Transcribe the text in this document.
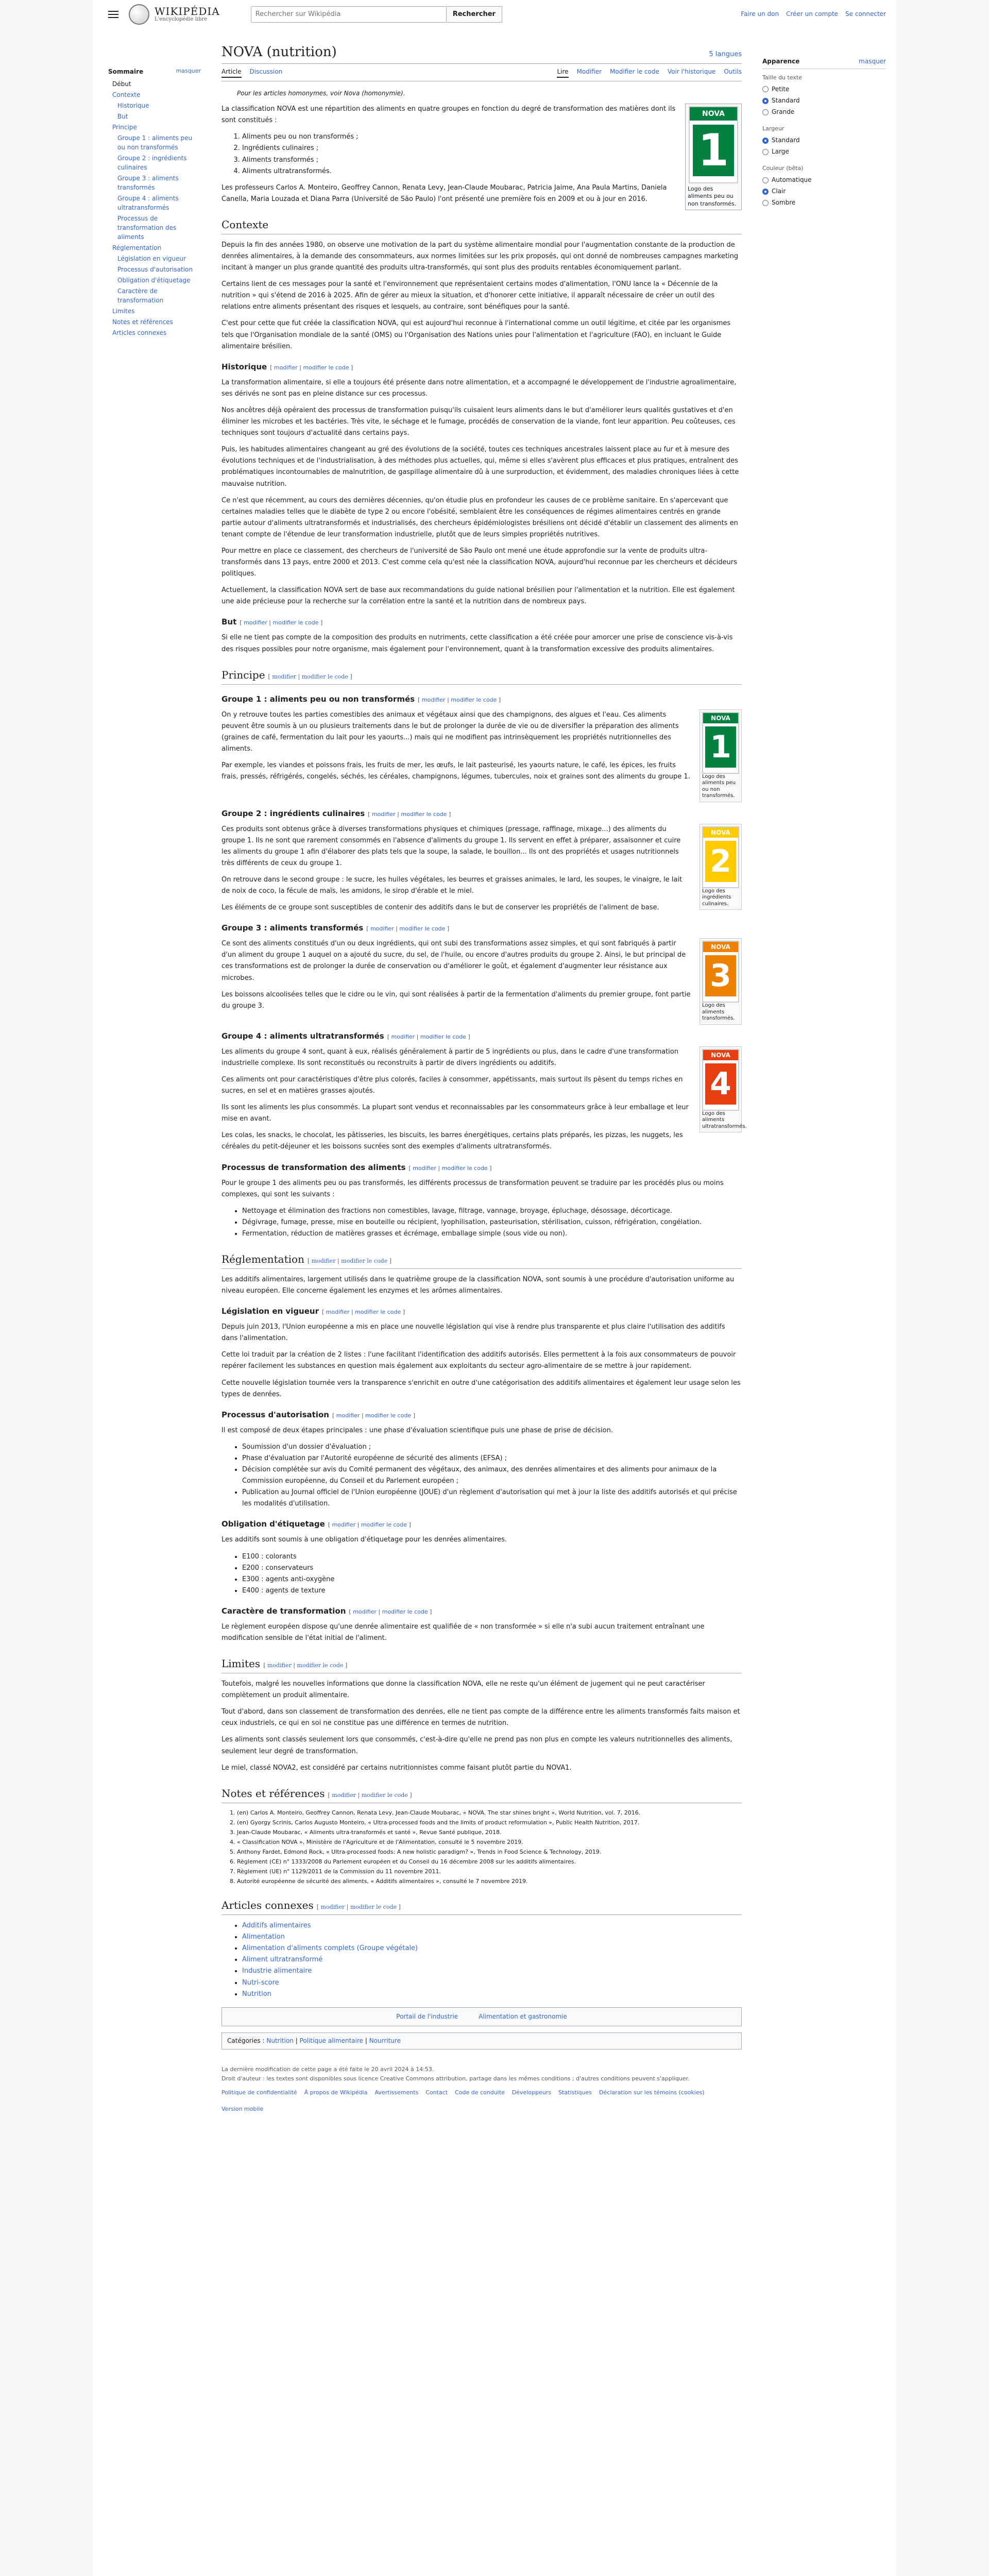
WIKIPÉDIA
L'encyclopédie libre
Rechercher sur Wikipédia	Rechercher	Faire un don Créer un compte Se connecter
Sommaire	masquer
Début
Contexte
Historique
But
Principe
Groupe 1 : aliments peu ou non transformés
Groupe 2 : ingrédients culinaires
Groupe 3 : aliments transformés
Groupe 4 : aliments ultratransformés
Processus de transformation des aliments
Réglementation
Législation en vigueur
Processus d'autorisation
Obligation d'étiquetage
Caractère de transformation
Limites
Notes et références
Articles connexes
NOVA (nutrition)	5 langues
Article Discussion	Lire Modifier Modifier le code Voir l'historique Outils
Pour les articles homonymes, voir Nova (homonymie).
NOVA
1
Logo des aliments peu ou non transformés.

La classification NOVA est une répartition des aliments en quatre groupes en fonction du degré de transformation des matières dont ils sont constitués :

1. Aliments peu ou non transformés ;
2. Ingrédients culinaires ;
3. Aliments transformés ;
4. Aliments ultratransformés.

Les professeurs Carlos A. Monteiro, Geoffrey Cannon, Renata Levy, Jean-Claude Moubarac, Patricia Jaime, Ana Paula Martins, Daniela Canella, Maria Louzada et Diana Parra (Université de São Paulo) l'ont présenté une première fois en 2009 et ou à jour en 2016.

Contexte

Depuis la fin des années 1980, on observe une motivation de la part du système alimentaire mondial pour l'augmentation constante de la production de denrées alimentaires, à la demande des consommateurs, aux normes limitées sur les prix proposés, qui ont donné de nombreuses campagnes marketing incitant à manger un plus grande quantité des produits ultra-transformés, qui sont plus des produits rentables économiquement parlant.

Certains lient de ces messages pour la santé et l'environnement que représentaient certains modes d'alimentation, l'ONU lance la « Décennie de la nutrition » qui s'étend de 2016 à 2025. Afin de gérer au mieux la situation, et d'honorer cette initiative, il apparaît nécessaire de créer un outil des relations entre aliments présentant des risques et lesquels, au contraire, sont bénéfiques pour la santé.

C'est pour cette que fut créée la classification NOVA, qui est aujourd'hui reconnue à l'international comme un outil légitime, et citée par les organismes tels que l'Organisation mondiale de la santé (OMS) ou l'Organisation des Nations unies pour l'alimentation et l'agriculture (FAO), en incluant le Guide alimentaire brésilien.

Historique [ modifier | modifier le code ]

La transformation alimentaire, si elle a toujours été présente dans notre alimentation, et a accompagné le développement de l'industrie agroalimentaire, ses dérivés ne sont pas en pleine distance sur ces processus.

Nos ancêtres déjà opéraient des processus de transformation puisqu'ils cuisaient leurs aliments dans le but d'améliorer leurs qualités gustatives et d'en éliminer les microbes et les bactéries. Très vite, le séchage et le fumage, procédés de conservation de la viande, font leur apparition. Peu coûteuses, ces techniques sont toujours d'actualité dans certains pays.

Puis, les habitudes alimentaires changeant au gré des évolutions de la société, toutes ces techniques ancestrales laissent place au fur et à mesure des évolutions techniques et de l'industrialisation, à des méthodes plus actuelles, qui, même si elles s'avèrent plus efficaces et plus pratiques, entraînent des problématiques incontournables de malnutrition, de gaspillage alimentaire dû à une surproduction, et évidemment, des maladies chroniques liées à cette mauvaise nutrition.

Ce n'est que récemment, au cours des dernières décennies, qu'on étudie plus en profondeur les causes de ce problème sanitaire. En s'apercevant que certaines maladies telles que le diabète de type 2 ou encore l'obésité, semblaient être les conséquences de régimes alimentaires centrés en grande partie autour d'aliments ultratransformés et industrialisés, des chercheurs épidémiologistes brésiliens ont décidé d'établir un classement des aliments en tenant compte de l'étendue de leur transformation industrielle, plutôt que de leurs simples propriétés nutritives.

Pour mettre en place ce classement, des chercheurs de l'université de São Paulo ont mené une étude approfondie sur la vente de produits ultra-transformés dans 13 pays, entre 2000 et 2013. C'est comme cela qu'est née la classification NOVA, aujourd'hui reconnue par les chercheurs et décideurs politiques.

Actuellement, la classification NOVA sert de base aux recommandations du guide national brésilien pour l'alimentation et la nutrition. Elle est également une aide précieuse pour la recherche sur la corrélation entre la santé et la nutrition dans de nombreux pays.

But [ modifier | modifier le code ]

Si elle ne tient pas compte de la composition des produits en nutriments, cette classification a été créée pour amorcer une prise de conscience vis-à-vis des risques possibles pour notre organisme, mais également pour l'environnement, quant à la transformation excessive des produits alimentaires.

Principe [ modifier | modifier le code ]
Groupe 1 : aliments peu ou non transformés [ modifier | modifier le code ]
NOVA
1
Logo des aliments peu ou non transformés.

On y retrouve toutes les parties comestibles des animaux et végétaux ainsi que des champignons, des algues et l'eau. Ces aliments peuvent être soumis à un ou plusieurs traitements dans le but de prolonger la durée de vie ou de diversifier la préparation des aliments (graines de café, fermentation du lait pour les yaourts...) mais qui ne modifient pas intrinsèquement les propriétés nutritionnelles des aliments.

Par exemple, les viandes et poissons frais, les fruits de mer, les œufs, le lait pasteurisé, les yaourts nature, le café, les épices, les fruits frais, pressés, réfrigérés, congelés, séchés, les céréales, champignons, légumes, tubercules, noix et graines sont des aliments du groupe 1.

Groupe 2 : ingrédients culinaires [ modifier | modifier le code ]
NOVA
2
Logo des ingrédients culinaires.

Ces produits sont obtenus grâce à diverses transformations physiques et chimiques (pressage, raffinage, mixage...) des aliments du groupe 1. Ils ne sont que rarement consommés en l'absence d'aliments du groupe 1. Ils servent en effet à préparer, assaisonner et cuire les aliments du groupe 1 afin d'élaborer des plats tels que la soupe, la salade, le bouillon... Ils ont des propriétés et usages nutritionnels très différents de ceux du groupe 1.

On retrouve dans le second groupe : le sucre, les huiles végétales, les beurres et graisses animales, le lard, les soupes, le vinaigre, le lait de noix de coco, la fécule de maïs, les amidons, le sirop d'érable et le miel.

Les éléments de ce groupe sont susceptibles de contenir des additifs dans le but de conserver les propriétés de l'aliment de base.

Groupe 3 : aliments transformés [ modifier | modifier le code ]
NOVA
3
Logo des aliments transformés.

Ce sont des aliments constitués d'un ou deux ingrédients, qui ont subi des transformations assez simples, et qui sont fabriqués à partir d'un aliment du groupe 1 auquel on a ajouté du sucre, du sel, de l'huile, ou encore d'autres produits du groupe 2. Ainsi, le but principal de ces transformations est de prolonger la durée de conservation ou d'améliorer le goût, et également d'augmenter leur résistance aux microbes.

Les boissons alcoolisées telles que le cidre ou le vin, qui sont réalisées à partir de la fermentation d'aliments du premier groupe, font partie du groupe 3.

Groupe 4 : aliments ultratransformés [ modifier | modifier le code ]
NOVA
4
Logo des aliments ultratransformés.

Les aliments du groupe 4 sont, quant à eux, réalisés généralement à partir de 5 ingrédients ou plus, dans le cadre d'une transformation industrielle complexe. Ils sont reconstitués ou reconstruits à partir de divers ingrédients ou additifs.

Ces aliments ont pour caractéristiques d'être plus colorés, faciles à consommer, appétissants, mais surtout ils pèsent du temps riches en sucres, en sel et en matières grasses ajoutés.

Ils sont les aliments les plus consommés. La plupart sont vendus et reconnaissables par les consommateurs grâce à leur emballage et leur mise en avant.

Les colas, les snacks, le chocolat, les pâtisseries, les biscuits, les barres énergétiques, certains plats préparés, les pizzas, les nuggets, les céréales du petit-déjeuner et les boissons sucrées sont des exemples d'aliments ultratransformés.

Processus de transformation des aliments [ modifier | modifier le code ]

Pour le groupe 1 des aliments peu ou pas transformés, les différents processus de transformation peuvent se traduire par les procédés plus ou moins complexes, qui sont les suivants :

• Nettoyage et élimination des fractions non comestibles, lavage, filtrage, vannage, broyage, épluchage, désossage, décorticage.
• Dégivrage, fumage, presse, mise en bouteille ou récipient, lyophilisation, pasteurisation, stérilisation, cuisson, réfrigération, congélation.
• Fermentation, réduction de matières grasses et écrémage, emballage simple (sous vide ou non).
Réglementation [ modifier | modifier le code ]

Les additifs alimentaires, largement utilisés dans le quatrième groupe de la classification NOVA, sont soumis à une procédure d'autorisation uniforme au niveau européen. Elle concerne également les enzymes et les arômes alimentaires.

Législation en vigueur [ modifier | modifier le code ]

Depuis juin 2013, l'Union européenne a mis en place une nouvelle législation qui vise à rendre plus transparente et plus claire l'utilisation des additifs dans l'alimentation.

Cette loi traduit par la création de 2 listes : l'une facilitant l'identification des additifs autorisés. Elles permettent à la fois aux consommateurs de pouvoir repérer facilement les substances en question mais également aux exploitants du secteur agro-alimentaire de se mettre à jour rapidement.

Cette nouvelle législation tournée vers la transparence s'enrichit en outre d'une catégorisation des additifs alimentaires et également leur usage selon les types de denrées.

Processus d'autorisation [ modifier | modifier le code ]

Il est composé de deux étapes principales : une phase d'évaluation scientifique puis une phase de prise de décision.

• Soumission d'un dossier d'évaluation ;
• Phase d'évaluation par l'Autorité européenne de sécurité des aliments (EFSA) ;
• Décision complétée sur avis du Comité permanent des végétaux, des animaux, des denrées alimentaires et des aliments pour animaux de la Commission européenne, du Conseil et du Parlement européen ;
• Publication au Journal officiel de l'Union européenne (JOUE) d'un règlement d'autorisation qui met à jour la liste des additifs autorisés et qui précise les modalités d'utilisation.
Obligation d'étiquetage [ modifier | modifier le code ]

Les additifs sont soumis à une obligation d'étiquetage pour les denrées alimentaires.

• E100 : colorants
• E200 : conservateurs
• E300 : agents anti-oxygène
• E400 : agents de texture
Caractère de transformation [ modifier | modifier le code ]

Le règlement européen dispose qu'une denrée alimentaire est qualifiée de « non transformée » si elle n'a subi aucun traitement entraînant une modification sensible de l'état initial de l'aliment.

Limites [ modifier | modifier le code ]

Toutefois, malgré les nouvelles informations que donne la classification NOVA, elle ne reste qu'un élément de jugement qui ne peut caractériser complètement un produit alimentaire.

Tout d'abord, dans son classement de transformation des denrées, elle ne tient pas compte de la différence entre les aliments transformés faits maison et ceux industriels, ce qui en soi ne constitue pas une différence en termes de nutrition.

Les aliments sont classés seulement lors que consommés, c'est-à-dire qu'elle ne prend pas non plus en compte les valeurs nutritionnelles des aliments, seulement leur degré de transformation.

Le miel, classé NOVA2, est considéré par certains nutritionnistes comme faisant plutôt partie du NOVA1.

Notes et références [ modifier | modifier le code ]
1. (en) Carlos A. Monteiro, Geoffrey Cannon, Renata Levy, Jean-Claude Moubarac, « NOVA. The star shines bright », World Nutrition, vol. 7, 2016.
2. (en) Gyorgy Scrinis, Carlos Augusto Monteiro, « Ultra-processed foods and the limits of product reformulation », Public Health Nutrition, 2017.
3. Jean-Claude Moubarac, « Aliments ultra-transformés et santé », Revue Santé publique, 2018.
4. « Classification NOVA », Ministère de l'Agriculture et de l'Alimentation, consulté le 5 novembre 2019.
5. Anthony Fardet, Edmond Rock, « Ultra-processed foods: A new holistic paradigm? », Trends in Food Science & Technology, 2019.
6. Règlement (CE) n° 1333/2008 du Parlement européen et du Conseil du 16 décembre 2008 sur les additifs alimentaires.
7. Règlement (UE) n° 1129/2011 de la Commission du 11 novembre 2011.
8. Autorité européenne de sécurité des aliments, « Additifs alimentaires », consulté le 7 novembre 2019.
Articles connexes [ modifier | modifier le code ]
• Additifs alimentaires
• Alimentation
• Alimentation d'aliments complets (Groupe végétale)
• Aliment ultratransformé
• Industrie alimentaire
• Nutri-score
• Nutrition
Portail de l'industrie	Alimentation et gastronomie
Catégories : Nutrition | Politique alimentaire | Nourriture
La dernière modification de cette page a été faite le 20 avril 2024 à 14:53.
Droit d'auteur : les textes sont disponibles sous licence Creative Commons attribution, partage dans les mêmes conditions ; d'autres conditions peuvent s'appliquer.
Politique de confidentialité À propos de Wikipédia Avertissements Contact Code de conduite Développeurs Statistiques Déclaration sur les témoins (cookies)
Version mobile
Apparence	masquer
Taille du texte
Petite
Standard
Grande
Largeur
Standard
Large
Couleur (bêta)
Automatique
Clair
Sombre
